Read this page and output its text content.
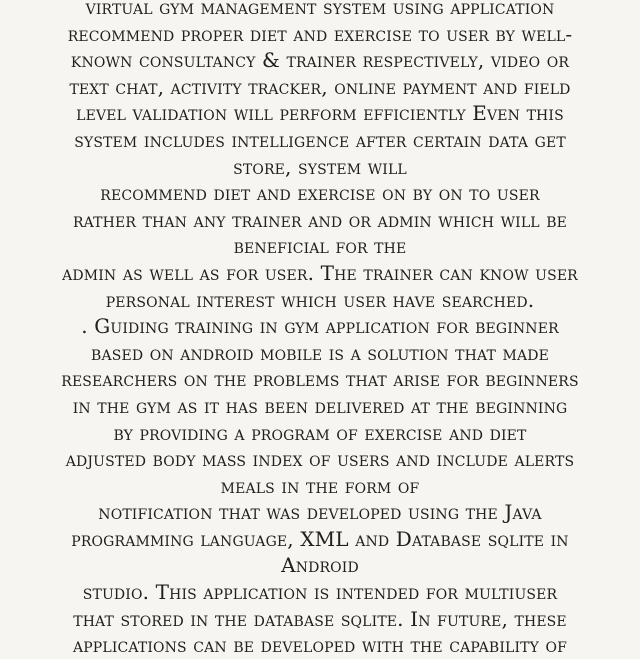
virtual gym management system using application
recommend proper diet and exercise to user by well-
known consultancy & trainer respectively, video or
text chat, activity tracker, online payment and field
level validation will perform efficiently Even this
system includes intelligence after certain data get
store, system will
recommend diet and exercise on by on to user
rather than any trainer and or admin which will be
beneficial for the
admin as well as for user. The trainer can know user
personal interest which user have searched.
. Guiding training in gym application for beginner
based on android mobile is a solution that made
researchers on the problems that arise for beginners
in the gym as it has been delivered at the beginning
by providing a program of exercise and diet
adjusted body mass index of users and include alerts
meals in the form of
notification that was developed using the Java
programming language, XML and Database sqlite in
Android
studio. This application is intended for multiuser
that stored in the database sqlite. In future, these
applications can be developed with the capability of
